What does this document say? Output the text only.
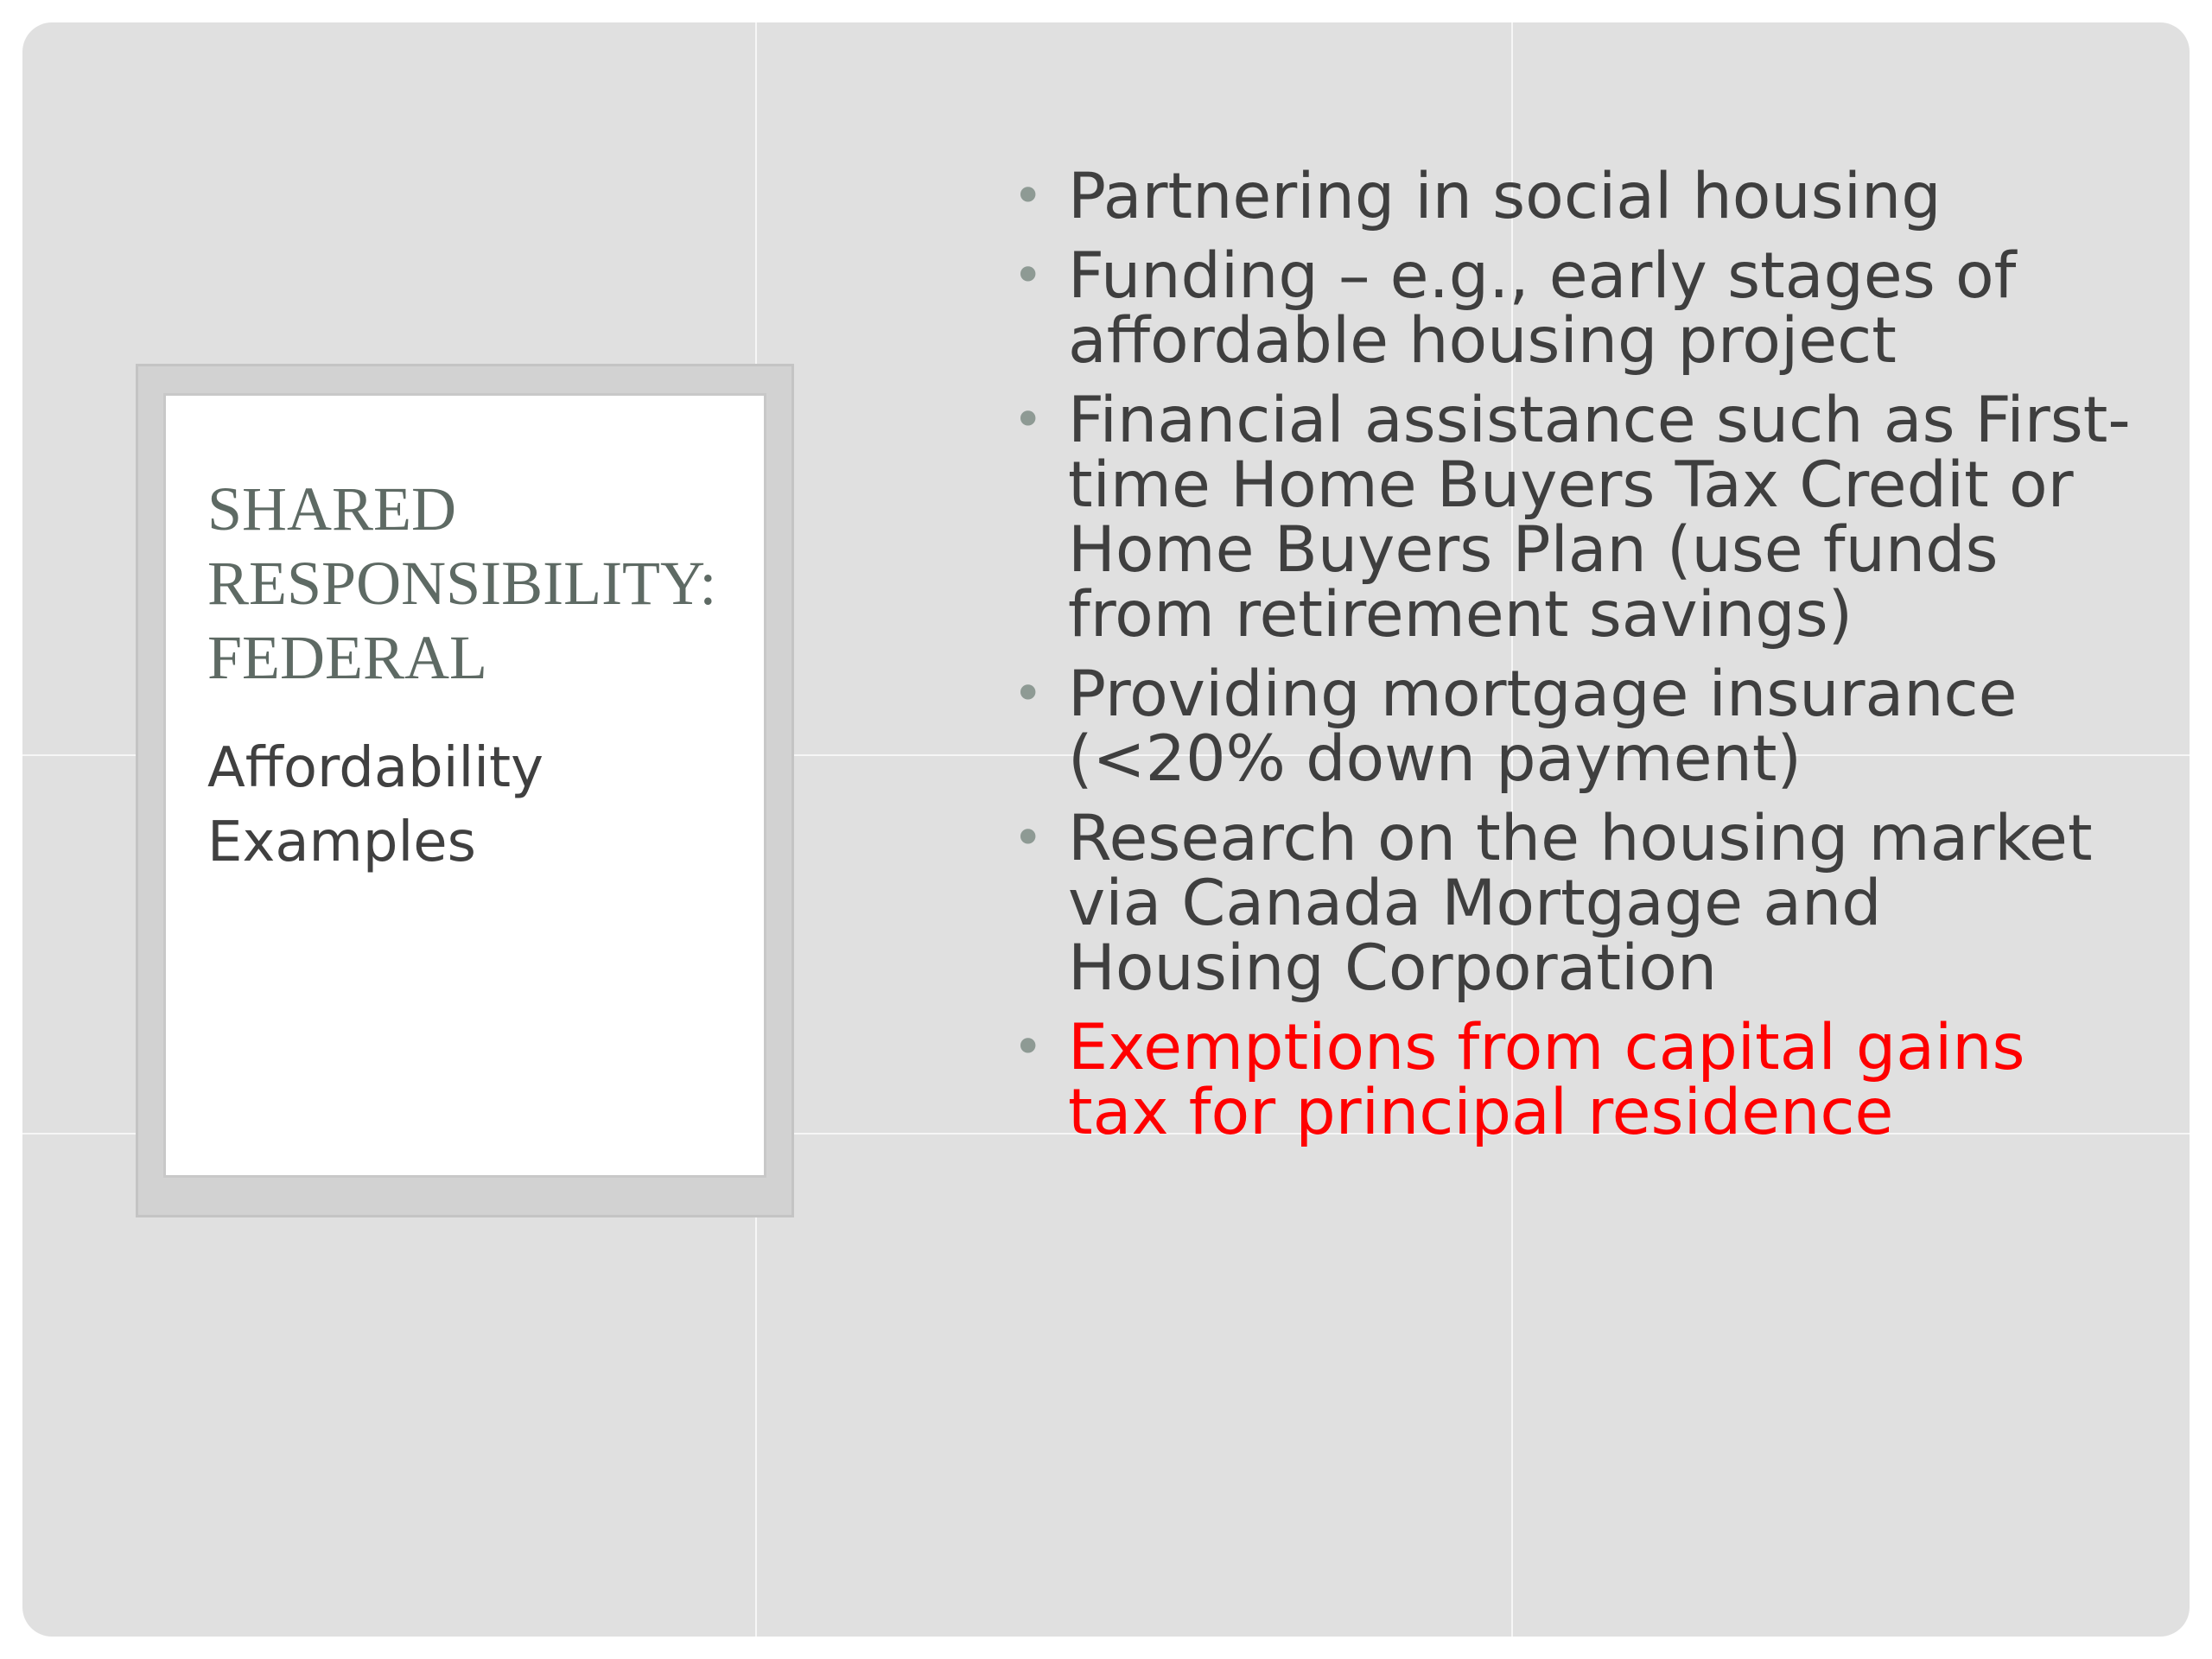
SHARED RESPONSIBILITY: FEDERAL

Affordability Examples

• Partnering in social housing
• Funding – e.g., early stages of affordable housing project
• Financial assistance such as First-time Home Buyers Tax Credit or Home Buyers Plan (use funds from retirement savings)
• Providing mortgage insurance (<20% down payment)
• Research on the housing market via Canada Mortgage and Housing Corporation
• Exemptions from capital gains tax for principal residence
